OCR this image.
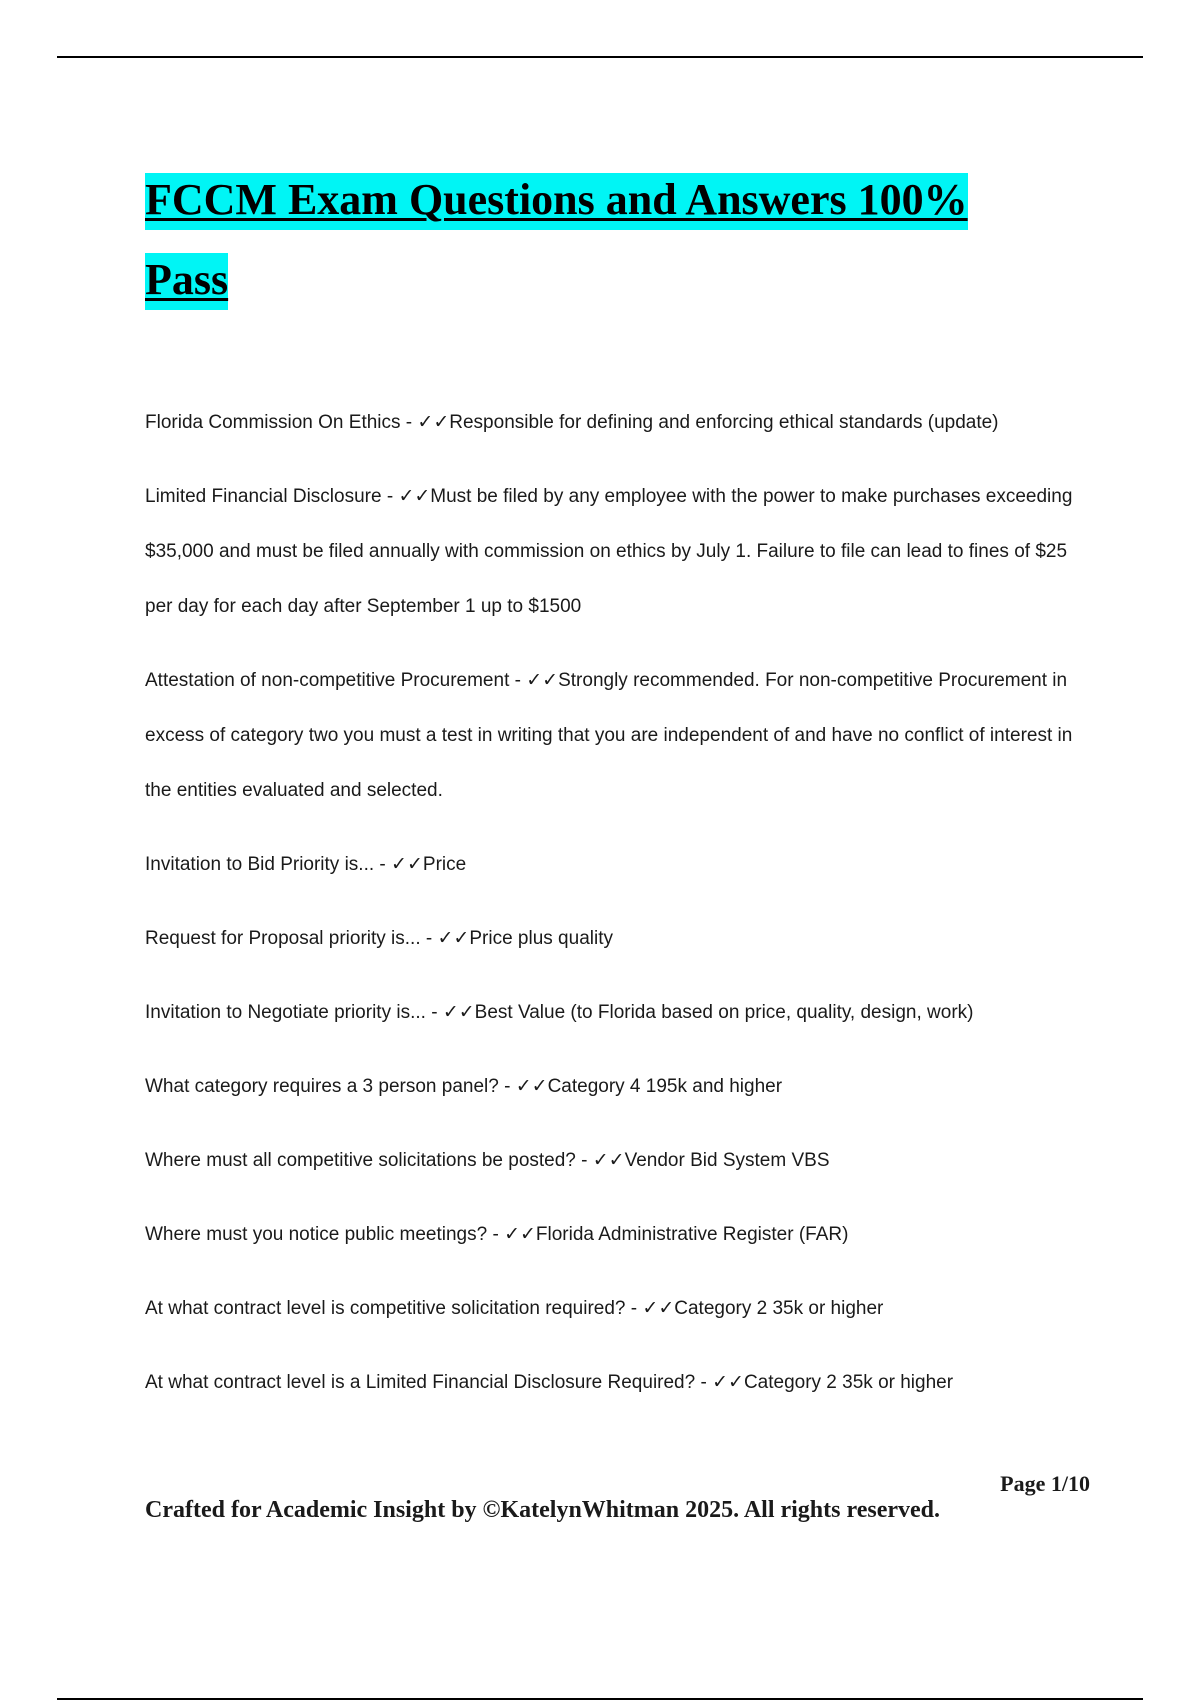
FCCM Exam Questions and Answers 100%
Pass

Florida Commission On Ethics - ✓✓Responsible for defining and enforcing ethical standards (update)

Limited Financial Disclosure - ✓✓Must be filed by any employee with the power to make purchases exceeding $35,000 and must be filed annually with commission on ethics by July 1. Failure to file can lead to fines of $25 per day for each day after September 1 up to $1500

Attestation of non-competitive Procurement - ✓✓Strongly recommended. For non-competitive Procurement in excess of category two you must a test in writing that you are independent of and have no conflict of interest in the entities evaluated and selected.

Invitation to Bid Priority is... - ✓✓Price

Request for Proposal priority is... - ✓✓Price plus quality

Invitation to Negotiate priority is... - ✓✓Best Value (to Florida based on price, quality, design, work)

What category requires a 3 person panel? - ✓✓Category 4 195k and higher

Where must all competitive solicitations be posted? - ✓✓Vendor Bid System VBS

Where must you notice public meetings? - ✓✓Florida Administrative Register (FAR)

At what contract level is competitive solicitation required? - ✓✓Category 2 35k or higher

At what contract level is a Limited Financial Disclosure Required? - ✓✓Category 2 35k or higher

Page 1/10
Crafted for Academic Insight by ©KatelynWhitman 2025. All rights reserved.
